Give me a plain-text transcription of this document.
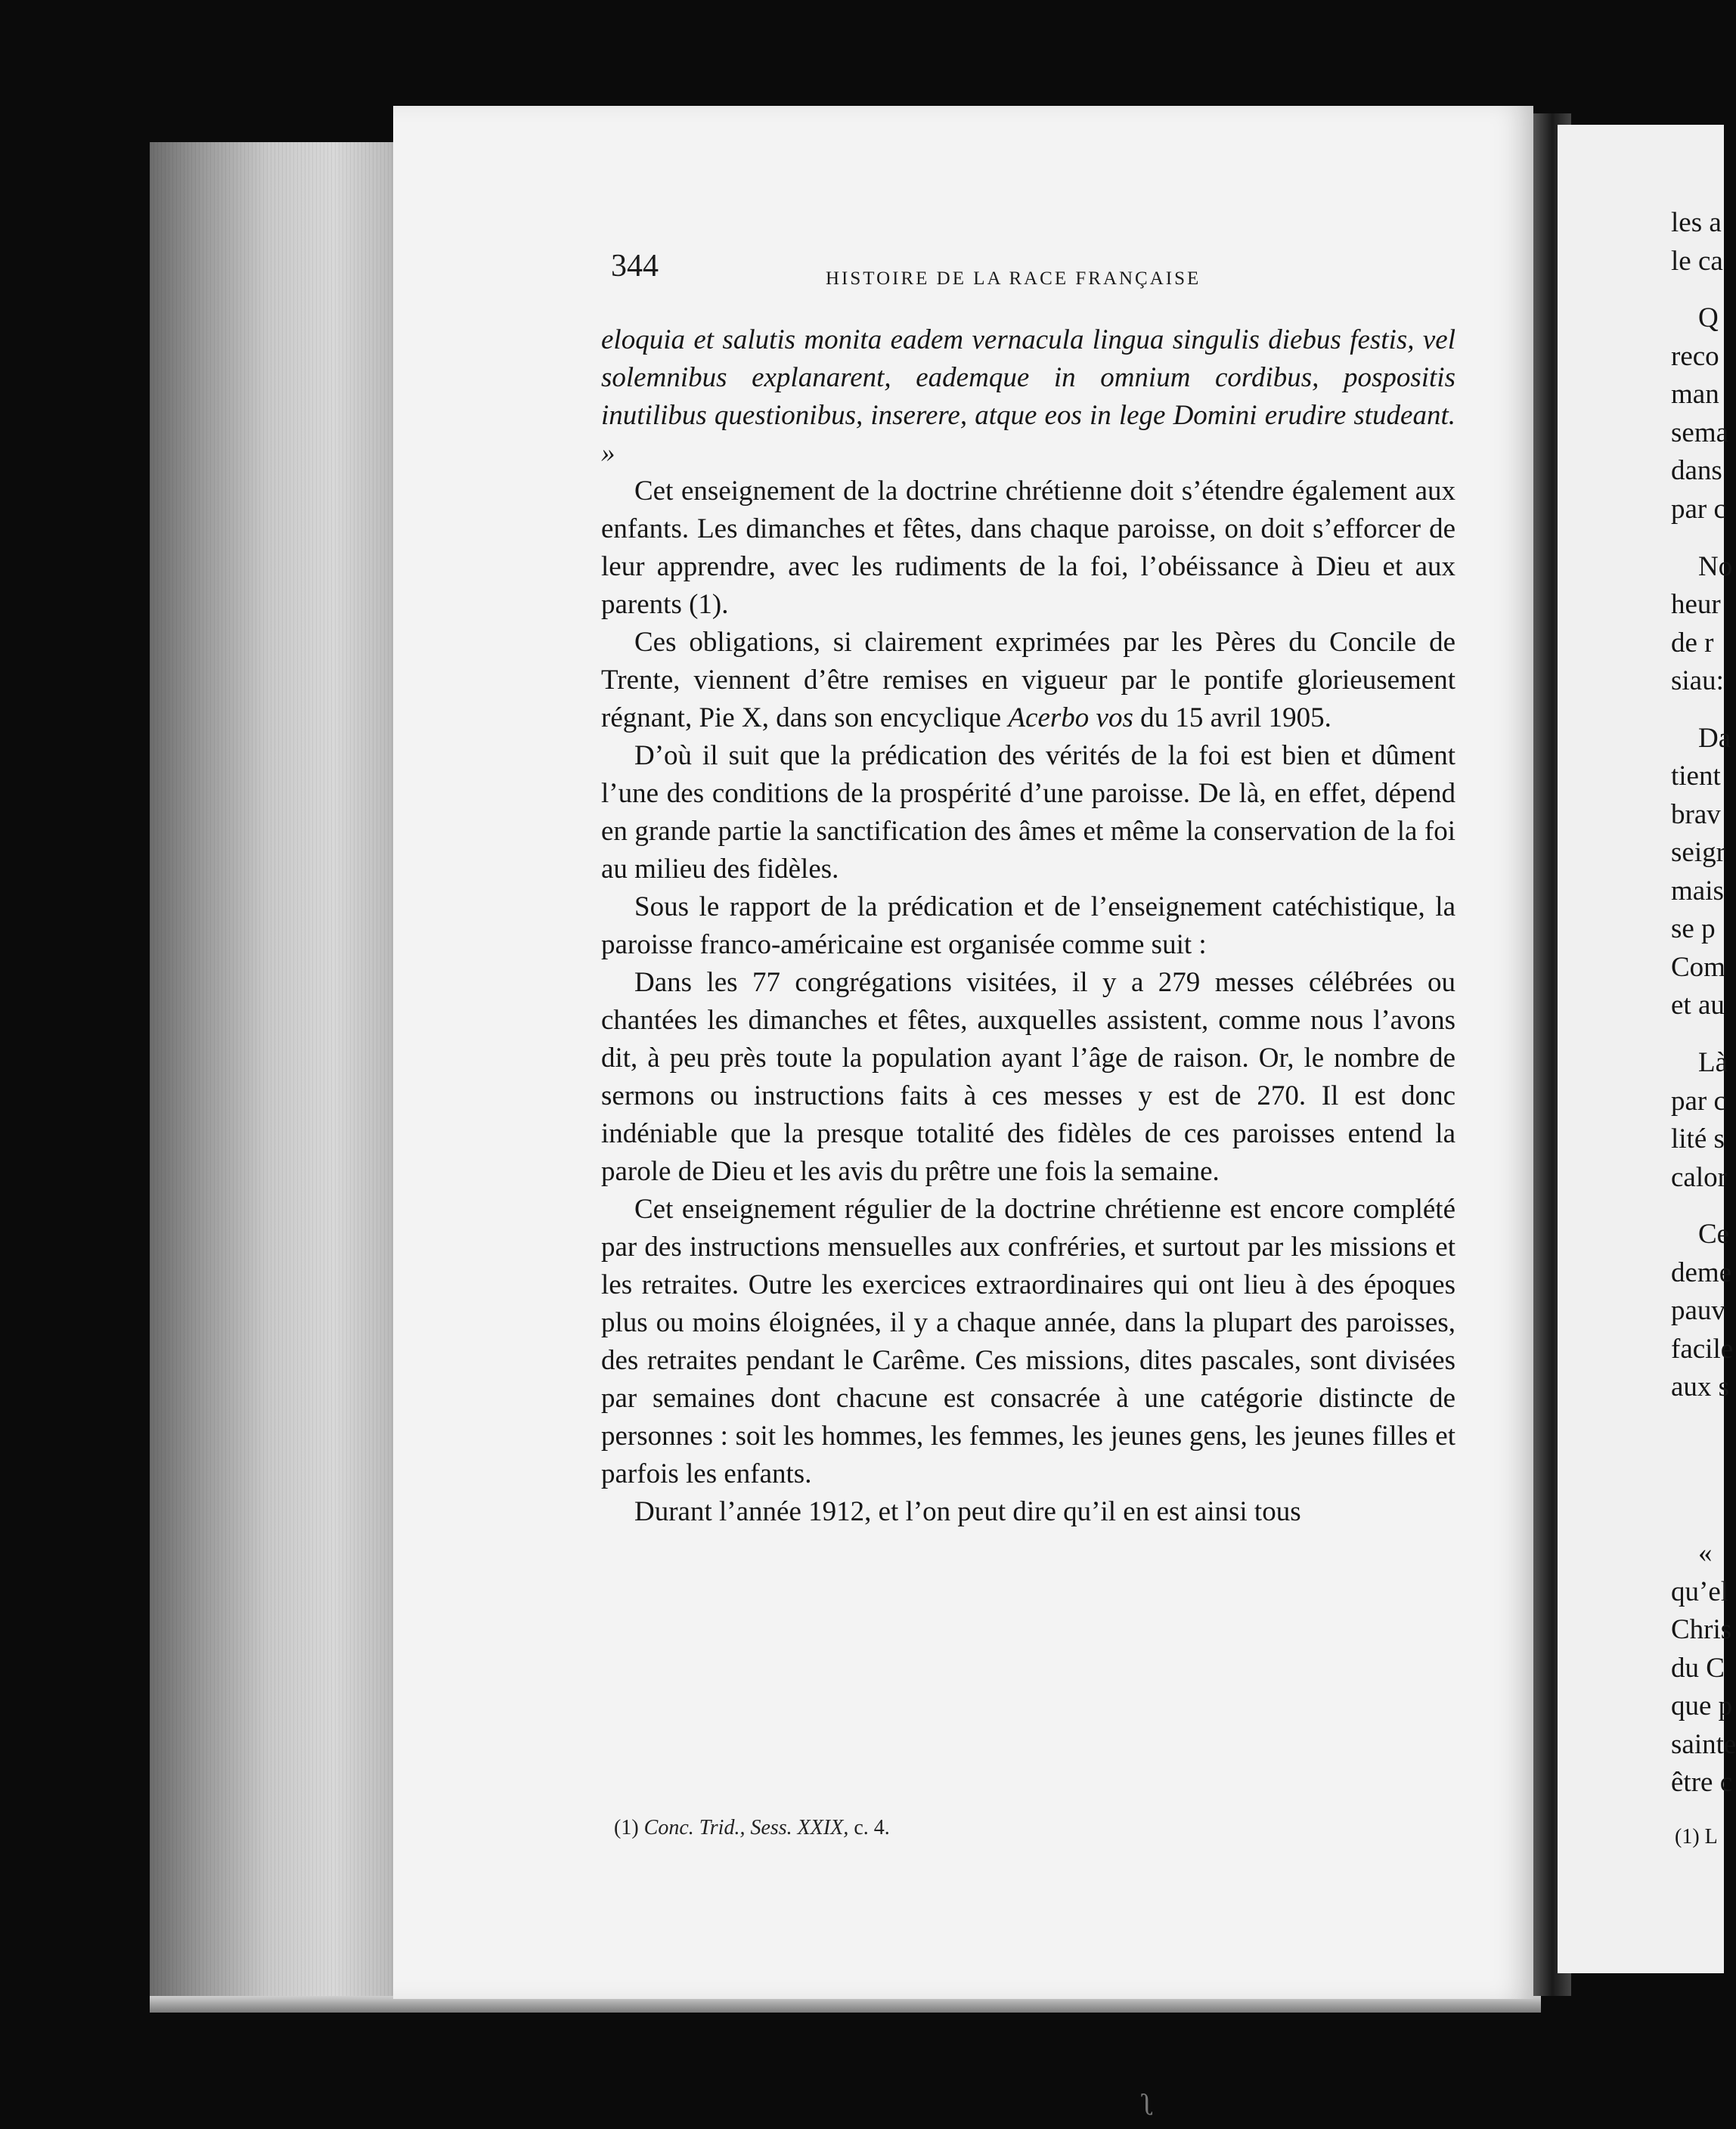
344	HISTOIRE DE LA RACE FRANÇAISE

eloquia et salutis monita eadem vernacula lingua singulis diebus festis, vel solemnibus explanarent, eademque in omnium cordibus, pospositis inutilibus questionibus, inserere, atque eos in lege Domini erudire studeant. »

Cet enseignement de la doctrine chrétienne doit s’étendre également aux enfants. Les dimanches et fêtes, dans chaque paroisse, on doit s’efforcer de leur apprendre, avec les rudiments de la foi, l’obéissance à Dieu et aux parents (1).

Ces obligations, si clairement exprimées par les Pères du Concile de Trente, viennent d’être remises en vigueur par le pontife glorieusement régnant, Pie X, dans son encyclique Acerbo vos du 15 avril 1905.

D’où il suit que la prédication des vérités de la foi est bien et dûment l’une des conditions de la prospérité d’une paroisse. De là, en effet, dépend en grande partie la sanctification des âmes et même la conservation de la foi au milieu des fidèles.

Sous le rapport de la prédication et de l’enseignement catéchistique, la paroisse franco-américaine est organisée comme suit :

Dans les 77 congrégations visitées, il y a 279 messes célébrées ou chantées les dimanches et fêtes, auxquelles assistent, comme nous l’avons dit, à peu près toute la population ayant l’âge de raison. Or, le nombre de sermons ou instructions faits à ces messes y est de 270. Il est donc indéniable que la presque totalité des fidèles de ces paroisses entend la parole de Dieu et les avis du prêtre une fois la semaine.

Cet enseignement régulier de la doctrine chrétienne est encore complété par des instructions mensuelles aux confréries, et surtout par les missions et les retraites. Outre les exercices extraordinaires qui ont lieu à des époques plus ou moins éloignées, il y a chaque année, dans la plupart des paroisses, des retraites pendant le Carême. Ces missions, dites pascales, sont divisées par semaines dont chacune est consacrée à une catégorie distincte de personnes : soit les hommes, les femmes, les jeunes gens, les jeunes filles et parfois les enfants.

Durant l’année 1912, et l’on peut dire qu’il en est ainsi tous

(1) Conc. Trid., Sess. XXIX, c. 4.
les a
le ca
Q
reco
man
sema
dans
par c
No
heur
de r
siau:
Da
tient
brav
seigr
mais
se p
Com
et au
Là
par c
lité s
calor
Ce
deme
pauv
facile
aux s
«
qu’el
Chris
du C
que p
sainte
être c
(1) L
ʅ
